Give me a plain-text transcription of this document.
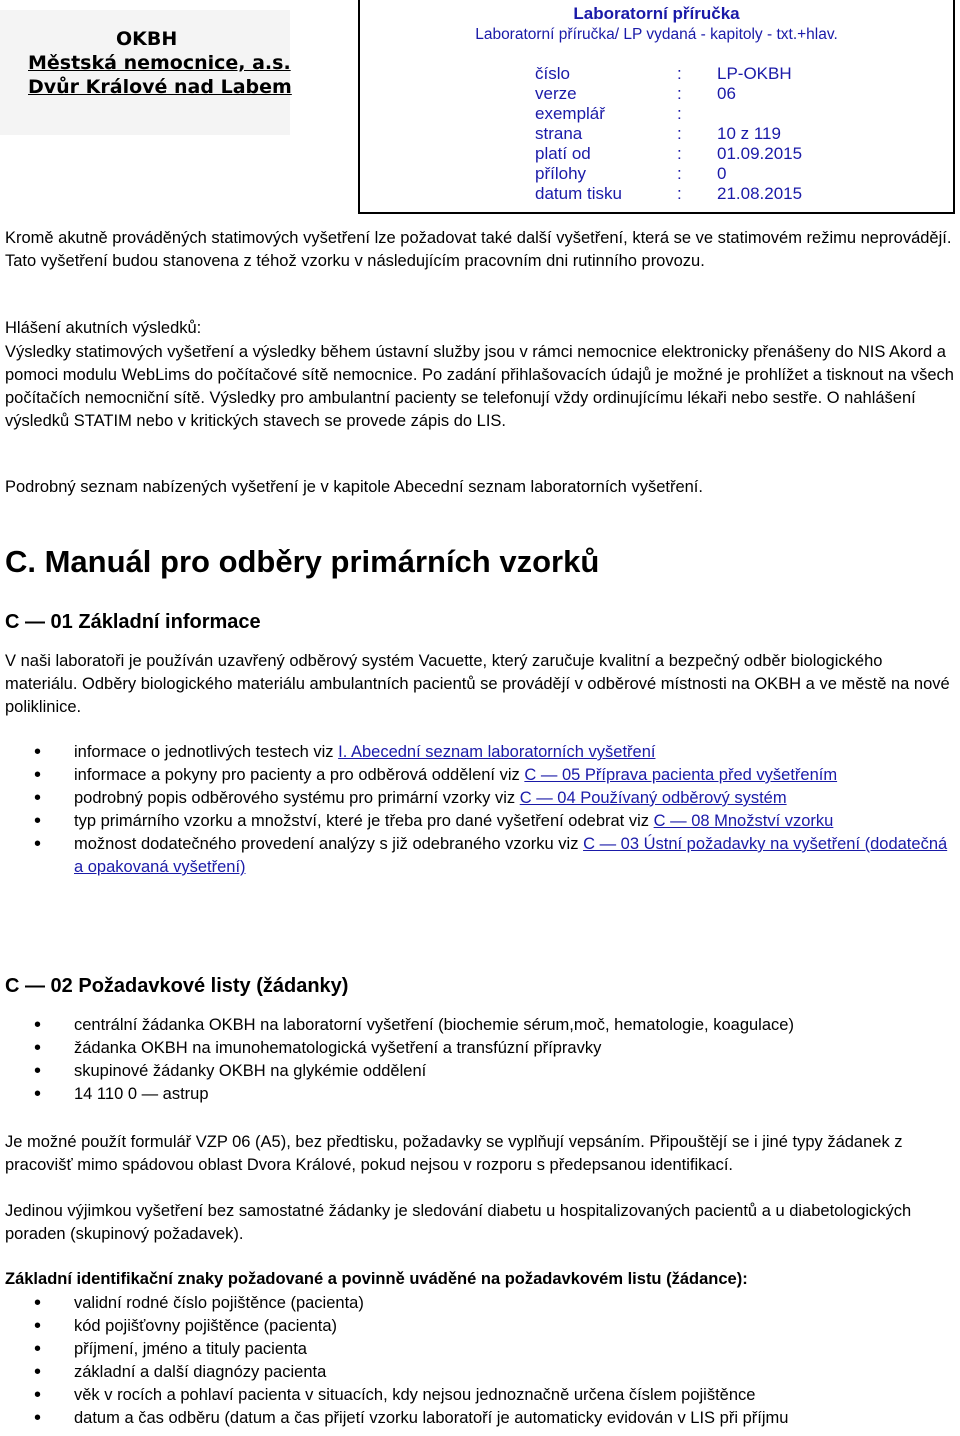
OKBH
Městská nemocnice, a.s.
Dvůr Králové nad Labem
Laboratorní příručka
Laboratorní příručka/ LP vydaná - kapitoly - txt.+hlav.
číslo	: LP-OKBH
verze	: 06
exemplář	:
strana	: 10 z 119
platí od	: 01.09.2015
přílohy	: 0
datum tisku	: 21.08.2015
Kromě akutně prováděných statimových vyšetření lze požadovat také další vyšetření, která se ve statimovém režimu neprovádějí. Tato vyšetření budou stanovena z téhož vzorku v následujícím pracovním dni rutinního provozu.
Hlášení akutních výsledků:
Výsledky statimových vyšetření a výsledky během ústavní služby jsou v rámci nemocnice elektronicky přenášeny do NIS Akord a pomoci modulu WebLims do počítačové sítě nemocnice. Po zadání přihlašovacích údajů je možné je prohlížet a tisknout na všech počítačích nemocniční sítě. Výsledky pro ambulantní pacienty se telefonují vždy ordinujícímu lékaři nebo sestře. O nahlášení výsledků STATIM nebo v kritických stavech se provede zápis do LIS.
Podrobný seznam nabízených vyšetření je v kapitole Abecední seznam laboratorních vyšetření.
C. Manuál pro odběry primárních vzorků
C — 01 Základní informace
V naši laboratoři je používán uzavřený odběrový systém Vacuette, který zaručuje kvalitní a bezpečný odběr biologického materiálu. Odběry biologického materiálu ambulantních pacientů se provádějí v odběrové místnosti na OKBH a ve městě na nové poliklinice.
• informace o jednotlivých testech viz I. Abecední seznam laboratorních vyšetření
• informace a pokyny pro pacienty a pro odběrová oddělení viz C — 05 Příprava pacienta před vyšetřením
• podrobný popis odběrového systému pro primární vzorky viz C — 04 Používaný odběrový systém
• typ primárního vzorku a množství, které je třeba pro dané vyšetření odebrat viz C — 08 Množství vzorku
• možnost dodatečného provedení analýzy s již odebraného vzorku viz C — 03 Ústní požadavky na vyšetření (dodatečná a opakovaná vyšetření)
C — 02 Požadavkové listy (žádanky)
• centrální žádanka OKBH na laboratorní vyšetření (biochemie sérum,moč, hematologie, koagulace)
• žádanka OKBH na imunohematologická vyšetření a transfúzní přípravky
• skupinové žádanky OKBH na glykémie oddělení
• 14 110 0 — astrup
Je možné použít formulář VZP 06 (A5), bez předtisku, požadavky se vyplňují vepsáním. Připouštějí se i jiné typy žádanek z pracovišť mimo spádovou oblast Dvora Králové, pokud nejsou v rozporu s předepsanou identifikací.
Jedinou výjimkou vyšetření bez samostatné žádanky je sledování diabetu u hospitalizovaných pacientů a u diabetologických poraden (skupinový požadavek).
Základní identifikační znaky požadované a povinně uváděné na požadavkovém listu (žádance):
• validní rodné číslo pojištěnce (pacienta)
• kód pojišťovny pojištěnce (pacienta)
• příjmení, jméno a tituly pacienta
• základní a další diagnózy pacienta
• věk v rocích a pohlaví pacienta v situacích, kdy nejsou jednoznačně určena číslem pojištěnce
• datum a čas odběru (datum a čas přijetí vzorku laboratoří je automaticky evidován v LIS při příjmu
